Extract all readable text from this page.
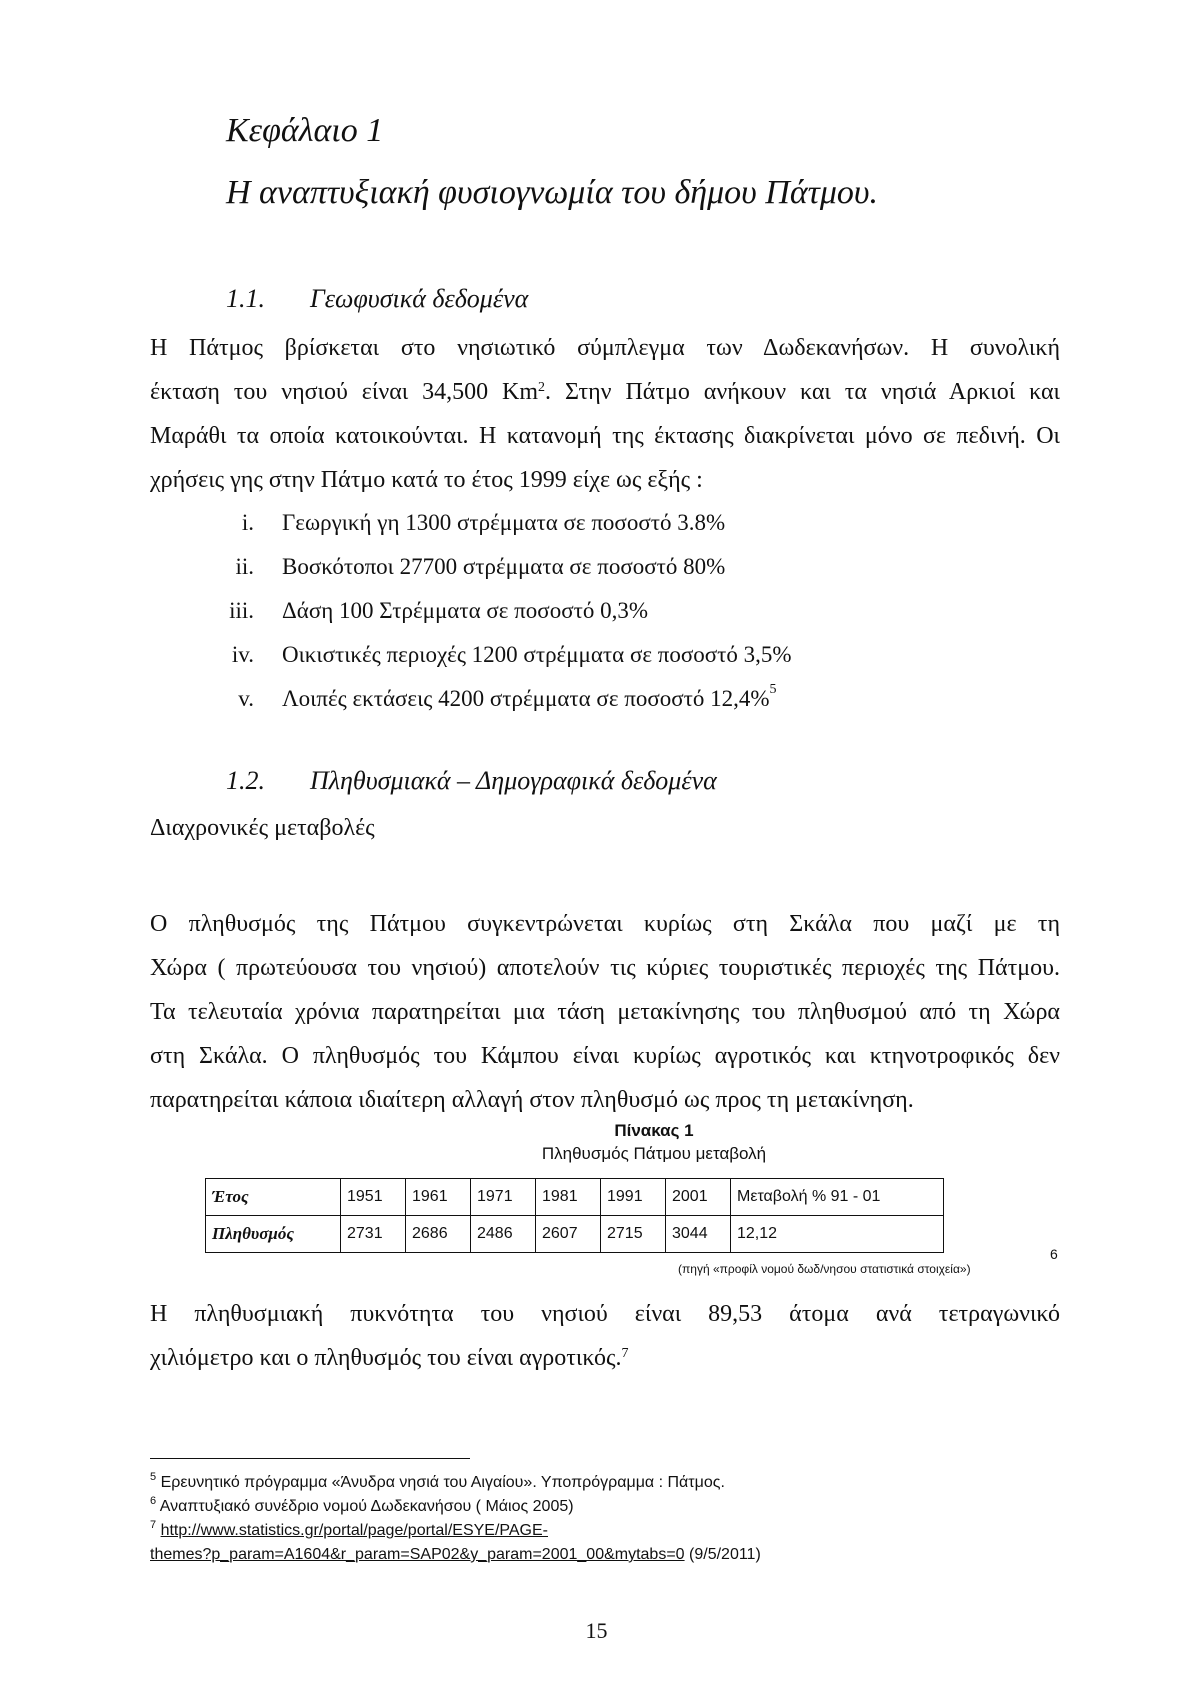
Κεφάλαιο 1
Η αναπτυξιακή φυσιογνωμία του δήμου Πάτμου.
1.1. Γεωφυσικά δεδομένα
Η Πάτμος βρίσκεται στο νησιωτικό σύμπλεγμα των Δωδεκανήσων. Η συνολική
έκταση του νησιού είναι 34,500 Km$^2$. Στην Πάτμο ανήκουν και τα νησιά Αρκιοί και
Μαράθι τα οποία κατοικούνται. Η κατανομή της έκτασης διακρίνεται μόνο σε πεδινή. Οι
χρήσεις γης στην Πάτμο κατά το έτος 1999 είχε ως εξής :
i. Γεωργική γη 1300 στρέμματα σε ποσοστό 3.8%
ii. Βοσκότοποι 27700 στρέμματα σε ποσοστό 80%
iii. Δάση 100 Στρέμματα σε ποσοστό 0,3%
iv. Οικιστικές περιοχές 1200 στρέμματα σε ποσοστό 3,5%
v. Λοιπές εκτάσεις 4200 στρέμματα σε ποσοστό 12,4%$^5$
1.2. Πληθυσμιακά – Δημογραφικά δεδομένα
Διαχρονικές μεταβολές
Ο πληθυσμός της Πάτμου συγκεντρώνεται κυρίως στη Σκάλα που μαζί με τη
Χώρα ( πρωτεύουσα του νησιού) αποτελούν τις κύριες τουριστικές περιοχές της Πάτμου.
Τα τελευταία χρόνια παρατηρείται μια τάση μετακίνησης του πληθυσμού από τη Χώρα
στη Σκάλα. Ο πληθυσμός του Κάμπου είναι κυρίως αγροτικός και κτηνοτροφικός δεν
παρατηρείται κάποια ιδιαίτερη αλλαγή στον πληθυσμό ως προς τη μετακίνηση.
Πίνακας 1
Πληθυσμός Πάτμου μεταβολή
Έτος	1951	1961	1971	1981	1991	2001	Μεταβολή % 91 - 01
Πληθυσμός	2731	2686	2486	2607	2715	3044	12,12
6
(πηγή «προφίλ νομού δωδ/νησου στατιστικά στοιχεία»)
Η πληθυσμιακή πυκνότητα του νησιού είναι 89,53 άτομα ανά τετραγωνικό
χιλιόμετρο και ο πληθυσμός του είναι αγροτικός.$^7$
$^5$ Ερευνητικό πρόγραμμα «Άνυδρα νησιά του Αιγαίου». Υποπρόγραμμα : Πάτμος.
$^6$ Αναπτυξιακό συνέδριο νομού Δωδεκανήσου ( Μάιος 2005)
$^7$ http://www.statistics.gr/portal/page/portal/ESYE/PAGE-
themes?p_param=A1604&r_param=SAP02&y_param=2001_00&mytabs=0 (9/5/2011)
15
